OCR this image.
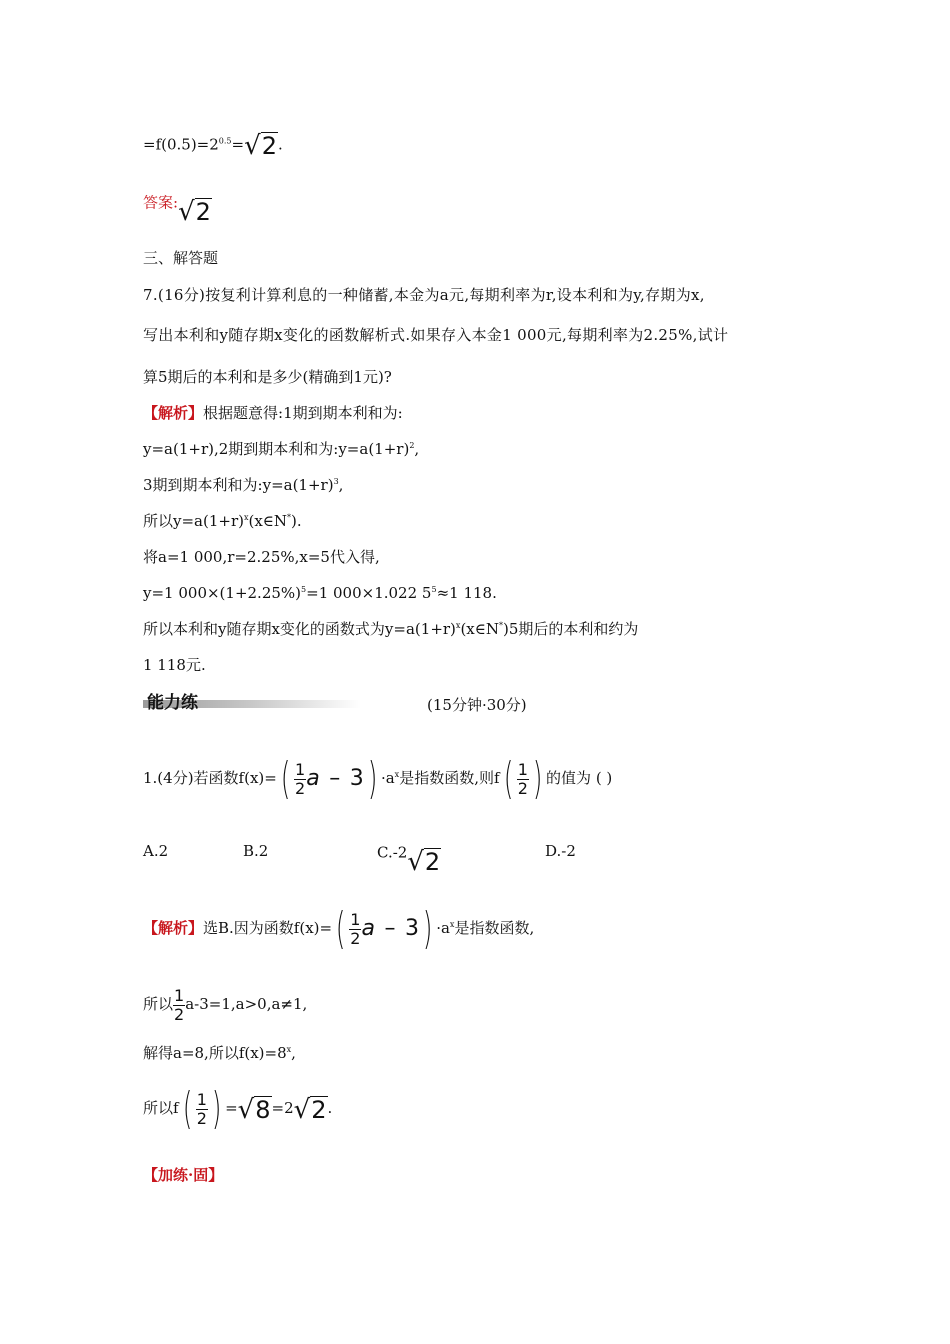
$=f(0.5)=2^{0.5}=$ √ 2 .
答案: √ 2
三、解答题
7.(16分)按复利计算利息的一种储蓄,本金为a元,每期利率为r,设本利和为y,存期为x,
写出本利和y随存期x变化的函数解析式.如果存入本金1 000元,每期利率为2.25%,试计
算5期后的本利和是多少(精确到1元)?
【解析】根据题意得:1期到期本利和为:
y=a(1+r),2期到期本利和为$:y=a(1+r)^2$,
3期到期本利和为$:y=a(1+r)^3$,
所以$y=a(1+r)^x(x\in N^*)$.
将a=1 000,r=2.25%,x=5代入得,
y=1 $000\times(1+2.25\%)^5=1$ 000×1.022 $5^5\approx 1$ 118.
所以本利和y随存期x变化的函数式为$y=a(1+r)^x(x\in N^*)5$期后的本利和约为
1 118元.
能力练	(15分钟·30分)
1.(4分)若函数$f(x)=( \frac{1}{2}$ $a - 3) \cdot a^x$是指数函数,则$f( \frac{1}{2}$ ) 的值为 ( )
A.2	B.2	C.-2 √ 2	D.-2
【解析】选B.因为函数$f(x)=( \frac{1}{2}$ $a - 3) \cdot a^x$是指数函数,
所以 $\frac{1}{2} a-3=1,a>0,a\ne 1$,
解得a=8,所以$f(x)=8^x$,
所以$f( \frac{1}{2}$ ) = √ 8 =2 √ 2 .
【加练·固】
